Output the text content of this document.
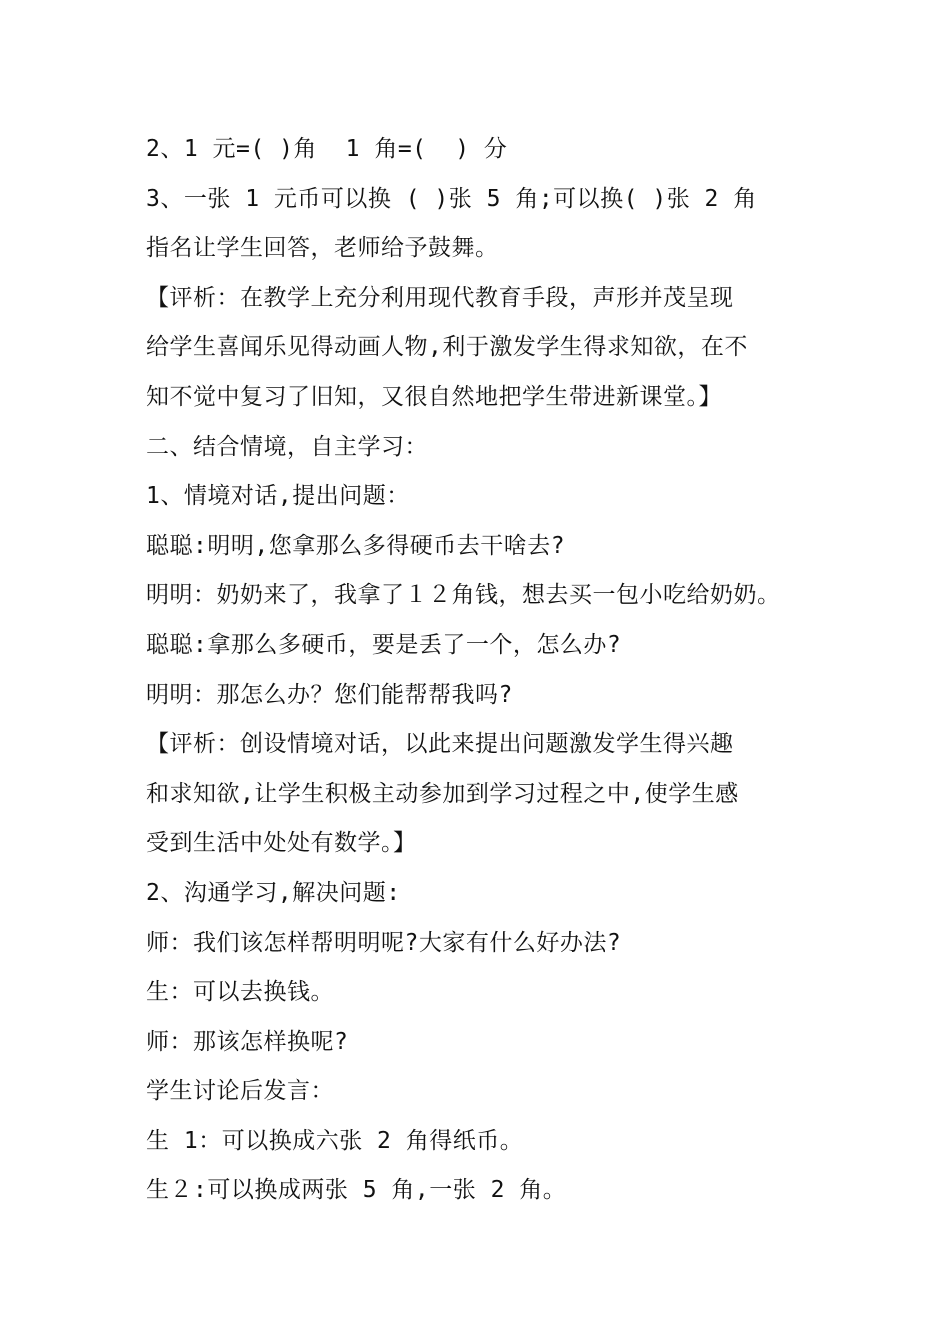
2、1 元=( )角  1 角=(  ) 分
3、一张 1 元币可以换 ( )张 5 角;可以换( )张 2 角
指名让学生回答，老师给予鼓舞。
【评析：在教学上充分利用现代教育手段，声形并茂呈现
给学生喜闻乐见得动画人物,利于激发学生得求知欲，在不
知不觉中复习了旧知，又很自然地把学生带进新课堂。】
二、结合情境，自主学习：
1、情境对话,提出问题：
聪聪:明明,您拿那么多得硬币去干啥去?
明明：奶奶来了，我拿了１２角钱，想去买一包小吃给奶奶。
聪聪:拿那么多硬币，要是丢了一个，怎么办?
明明：那怎么办？您们能帮帮我吗?
【评析：创设情境对话，以此来提出问题激发学生得兴趣
和求知欲,让学生积极主动参加到学习过程之中,使学生感
受到生活中处处有数学。】
2、沟通学习,解决问题:
师：我们该怎样帮明明呢?大家有什么好办法?
生：可以去换钱。
师：那该怎样换呢?
学生讨论后发言：
生 1：可以换成六张 2 角得纸币。
生２:可以换成两张 5 角,一张 2 角。
